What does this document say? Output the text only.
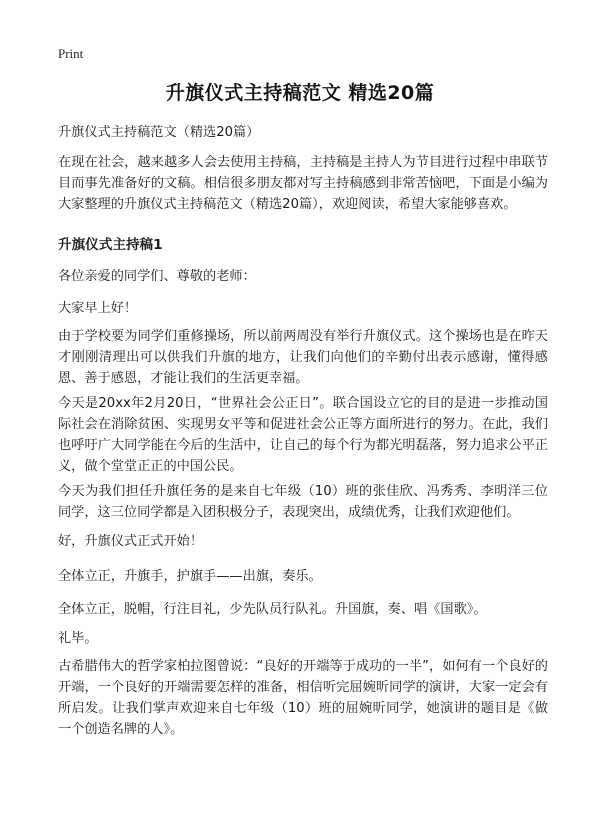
Print
升旗仪式主持稿范文 精选20篇
升旗仪式主持稿范文（精选20篇）
在现在社会，越来越多人会去使用主持稿，主持稿是主持人为节目进行过程中串联节目而事先准备好的文稿。相信很多朋友都对写主持稿感到非常苦恼吧，下面是小编为大家整理的升旗仪式主持稿范文（精选20篇），欢迎阅读，希望大家能够喜欢。
升旗仪式主持稿1
各位亲爱的同学们、尊敬的老师：
大家早上好！
由于学校要为同学们重修操场，所以前两周没有举行升旗仪式。这个操场也是在昨天才刚刚清理出可以供我们升旗的地方，让我们向他们的辛勤付出表示感谢，懂得感恩、善于感恩，才能让我们的生活更幸福。
今天是20xx年2月20日，“世界社会公正日”。联合国设立它的目的是进一步推动国际社会在消除贫困、实现男女平等和促进社会公正等方面所进行的努力。在此，我们也呼吁广大同学能在今后的生活中，让自己的每个行为都光明磊落，努力追求公平正义，做个堂堂正正的中国公民。
今天为我们担任升旗任务的是来自七年级（10）班的张佳欣、冯秀秀、李明洋三位同学，这三位同学都是入团积极分子，表现突出，成绩优秀，让我们欢迎他们。
好，升旗仪式正式开始！
全体立正，升旗手，护旗手——出旗，奏乐。
全体立正，脱帽，行注目礼，少先队员行队礼。升国旗，奏、唱《国歌》。
礼毕。
古希腊伟大的哲学家柏拉图曾说：“良好的开端等于成功的一半”，如何有一个良好的开端，一个良好的开端需要怎样的准备，相信听完屈婉昕同学的演讲，大家一定会有所启发。让我们掌声欢迎来自七年级（10）班的屈婉昕同学，她演讲的题目是《做一个创造名牌的人》。
